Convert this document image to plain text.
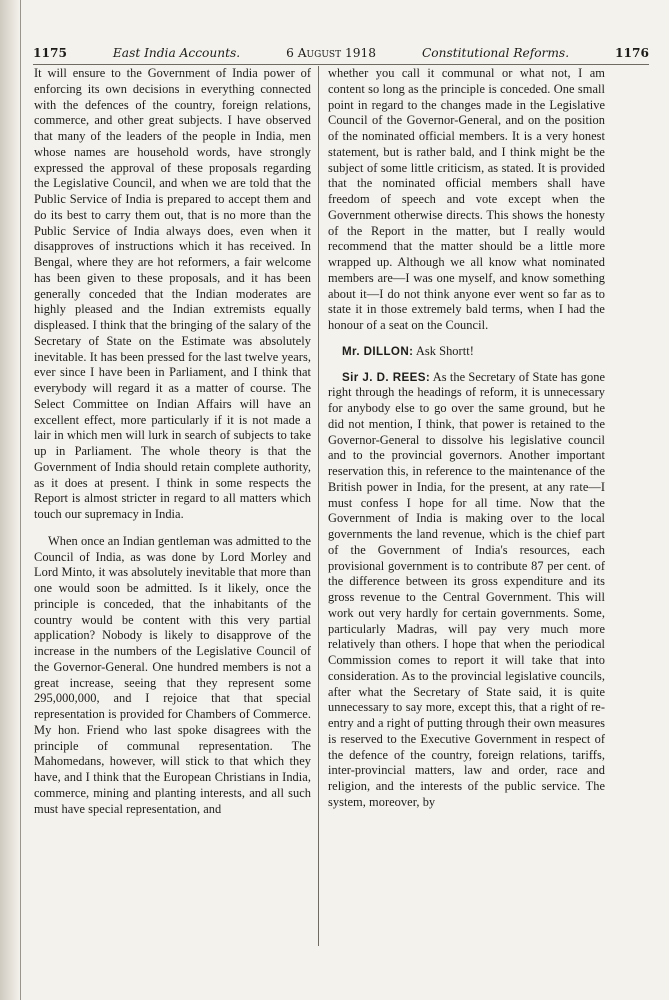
1175	East India Accounts.	6 August 1918	Constitutional Reforms.	1176

It will ensure to the Government of India power of enforcing its own decisions in everything connected with the defences of the country, foreign relations, commerce, and other great subjects. I have observed that many of the leaders of the people in India, men whose names are household words, have strongly expressed the approval of these proposals regarding the Legislative Council, and when we are told that the Public Service of India is prepared to accept them and do its best to carry them out, that is no more than the Public Service of India always does, even when it disapproves of instructions which it has received. In Bengal, where they are hot reformers, a fair welcome has been given to these proposals, and it has been generally conceded that the Indian moderates are highly pleased and the Indian extremists equally displeased. I think that the bringing of the salary of the Secretary of State on the Estimate was absolutely inevitable. It has been pressed for the last twelve years, ever since I have been in Parliament, and I think that everybody will regard it as a matter of course. The Select Committee on Indian Affairs will have an excellent effect, more particularly if it is not made a lair in which men will lurk in search of subjects to take up in Parliament. The whole theory is that the Government of India should retain complete authority, as it does at present. I think in some respects the Report is almost stricter in regard to all matters which touch our supremacy in India.

When once an Indian gentleman was admitted to the Council of India, as was done by Lord Morley and Lord Minto, it was absolutely inevitable that more than one would soon be admitted. Is it likely, once the principle is conceded, that the inhabitants of the country would be content with this very partial application? Nobody is likely to disapprove of the increase in the numbers of the Legislative Council of the Governor-General. One hundred members is not a great increase, seeing that they represent some 295,000,000, and I rejoice that that special representation is provided for Chambers of Commerce. My hon. Friend who last spoke disagrees with the principle of communal representation. The Mahomedans, however, will stick to that which they have, and I think that the European Christians in India, commerce, mining and planting interests, and all such must have special representation, and

whether you call it communal or what not, I am content so long as the principle is conceded. One small point in regard to the changes made in the Legislative Council of the Governor-General, and on the position of the nominated official members. It is a very honest statement, but is rather bald, and I think might be the subject of some little criticism, as stated. It is provided that the nominated official members shall have freedom of speech and vote except when the Government otherwise directs. This shows the honesty of the Report in the matter, but I really would recommend that the matter should be a little more wrapped up. Although we all know what nominated members are—I was one myself, and know something about it—I do not think anyone ever went so far as to state it in those extremely bald terms, when I had the honour of a seat on the Council.

Mr. DILLON: Ask Shortt!

Sir J. D. REES: As the Secretary of State has gone right through the headings of reform, it is unnecessary for anybody else to go over the same ground, but he did not mention, I think, that power is retained to the Governor-General to dissolve his legislative council and to the provincial governors. Another important reservation this, in reference to the maintenance of the British power in India, for the present, at any rate—I must confess I hope for all time. Now that the Government of India is making over to the local governments the land revenue, which is the chief part of the Government of India's resources, each provisional government is to contribute 87 per cent. of the difference between its gross expenditure and its gross revenue to the Central Government. This will work out very hardly for certain governments. Some, particularly Madras, will pay very much more relatively than others. I hope that when the periodical Commission comes to report it will take that into consideration. As to the provincial legislative councils, after what the Secretary of State said, it is quite unnecessary to say more, except this, that a right of re-entry and a right of putting through their own measures is reserved to the Executive Government in respect of the defence of the country, foreign relations, tariffs, inter-provincial matters, law and order, race and religion, and the interests of the public service. The system, moreover, by
